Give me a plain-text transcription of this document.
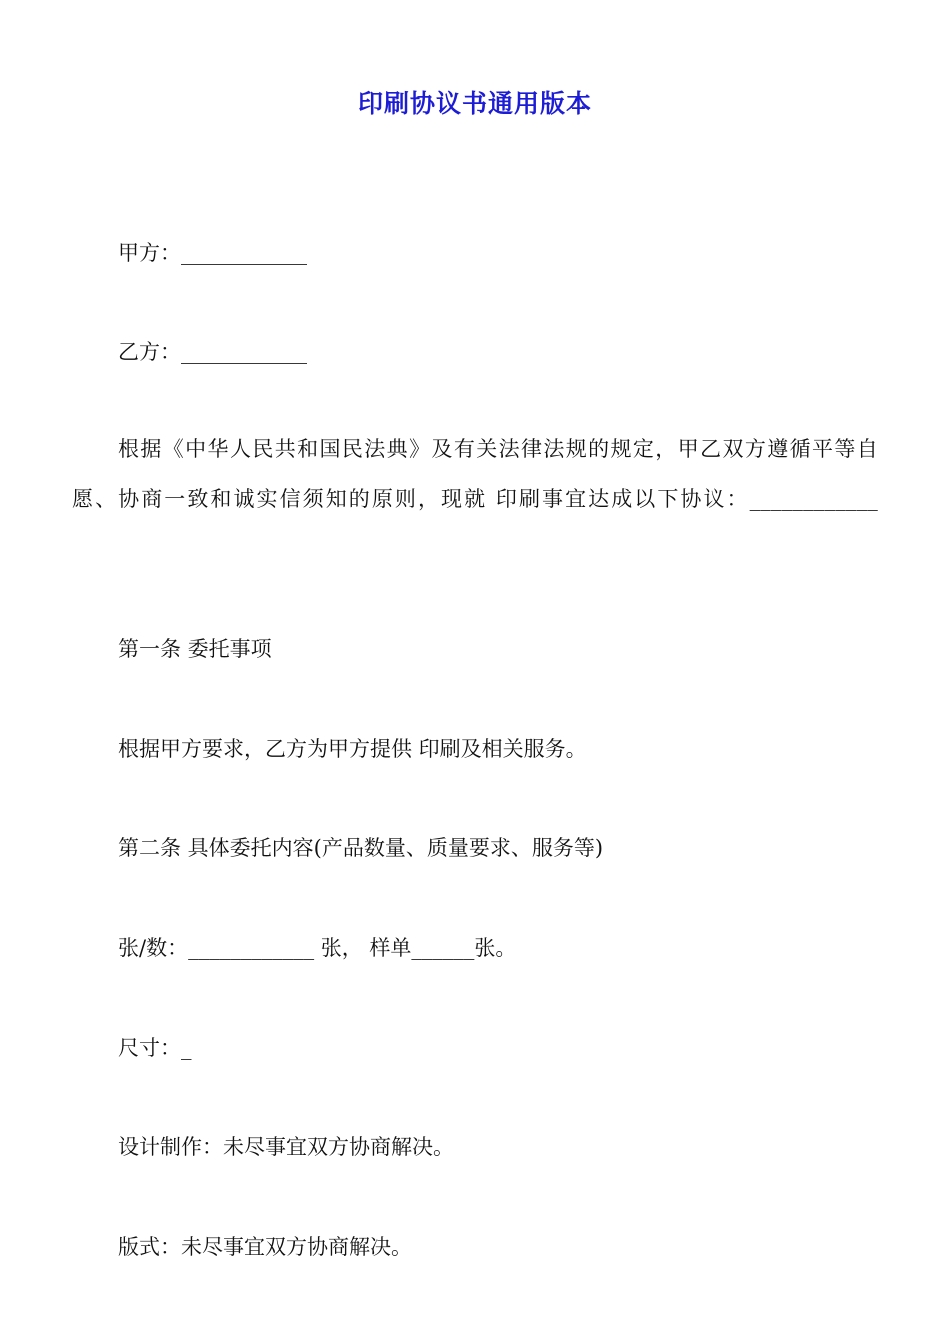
印刷协议书通用版本
甲方：____________
乙方：____________
根据《中华人民共和国民法典》及有关法律法规的规定，甲乙双方遵循平等自愿、协商一致和诚实信须知的原则，现就 印刷事宜达成以下协议：____________
第一条 委托事项
根据甲方要求，乙方为甲方提供 印刷及相关服务。
第二条 具体委托内容(产品数量、质量要求、服务等)
张/数：____________ 张， 样单______张。
尺寸：_
设计制作：未尽事宜双方协商解决。
版式：未尽事宜双方协商解决。
